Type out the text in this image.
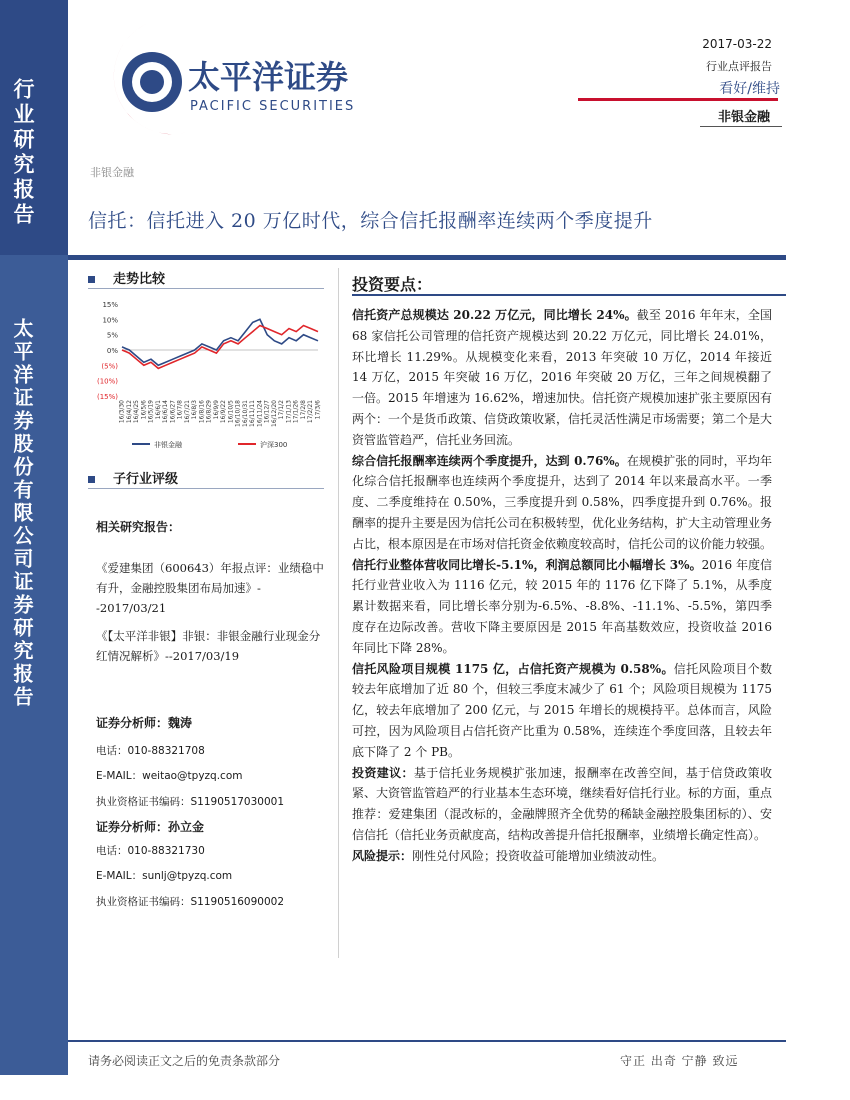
行业研究报告
太平洋证券股份有限公司证券研究报告
太平洋证券
PACIFIC SECURITIES
2017-03-22
行业点评报告
看好/维持
非银金融
非银金融
信托：信托进入 20 万亿时代，综合信托报酬率连续两个季度提升
走势比较
15%
10%
5%
0%
(5%)
(10%)
(15%)
16/3/30 16/4/12 16/4/25 16/5/6 16/5/19 16/6/1 16/6/14 16/6/27 16/7/8 16/7/21 16/8/3 16/8/16 16/8/29 16/9/9 16/9/22 16/10/5 16/10/18 16/10/31 16/11/11 16/11/24 16/12/7 16/12/20 17/1/2 17/1/13 17/1/26 17/2/8 17/2/21 17/3/6
非银金融	沪深300
子行业评级
相关研究报告：
《爱建集团（600643）年报点评：业绩稳中有升，金融控股集团布局加速》--2017/03/21
《【太平洋非银】非银：非银金融行业现金分红情况解析》--2017/03/19
证券分析师：魏涛
电话：010-88321708
E-MAIL：weitao@tpyzq.com
执业资格证书编码：S1190517030001
证券分析师：孙立金
电话：010-88321730
E-MAIL：sunlj@tpyzq.com
执业资格证书编码：S1190516090002
投资要点：

信托资产总规模达 20.22 万亿元，同比增长 24%。截至 2016 年年末，全国 68 家信托公司管理的信托资产规模达到 20.22 万亿元，同比增长 24.01%，环比增长 11.29%。从规模变化来看，2013 年突破 10 万亿，2014 年接近 14 万亿，2015 年突破 16 万亿，2016 年突破 20 万亿，三年之间规模翻了一倍。2015 年增速为 16.62%，增速加快。信托资产规模加速扩张主要原因有两个：一个是货币政策、信贷政策收紧，信托灵活性满足市场需要；第二个是大资管监管趋严，信托业务回流。

综合信托报酬率连续两个季度提升，达到 0.76%。在规模扩张的同时，平均年化综合信托报酬率也连续两个季度提升，达到了 2014 年以来最高水平。一季度、二季度维持在 0.50%，三季度提升到 0.58%，四季度提升到 0.76%。报酬率的提升主要是因为信托公司在积极转型，优化业务结构，扩大主动管理业务占比，根本原因是在市场对信托资金依赖度较高时，信托公司的议价能力较强。

信托行业整体营收同比增长-5.1%，利润总额同比小幅增长 3%。2016 年度信托行业营业收入为 1116 亿元，较 2015 年的 1176 亿下降了 5.1%，从季度累计数据来看，同比增长率分别为-6.5%、-8.8%、-11.1%、-5.5%，第四季度存在边际改善。营收下降主要原因是 2015 年高基数效应，投资收益 2016 年同比下降 28%。

信托风险项目规模 1175 亿，占信托资产规模为 0.58%。信托风险项目个数较去年底增加了近 80 个，但较三季度末减少了 61 个；风险项目规模为 1175 亿，较去年底增加了 200 亿元，与 2015 年增长的规模持平。总体而言，风险可控，因为风险项目占信托资产比重为 0.58%，连续连个季度回落，且较去年底下降了 2 个 PB。

投资建议：基于信托业务规模扩张加速，报酬率在改善空间，基于信贷政策收紧、大资管监管趋严的行业基本生态环境，继续看好信托行业。标的方面，重点推荐：爱建集团（混改标的，金融牌照齐全优势的稀缺金融控股集团标的）、安信信托（信托业务贡献度高，结构改善提升信托报酬率，业绩增长确定性高）。

风险提示：刚性兑付风险；投资收益可能增加业绩波动性。

请务必阅读正文之后的免责条款部分	守正 出奇 宁静 致远
